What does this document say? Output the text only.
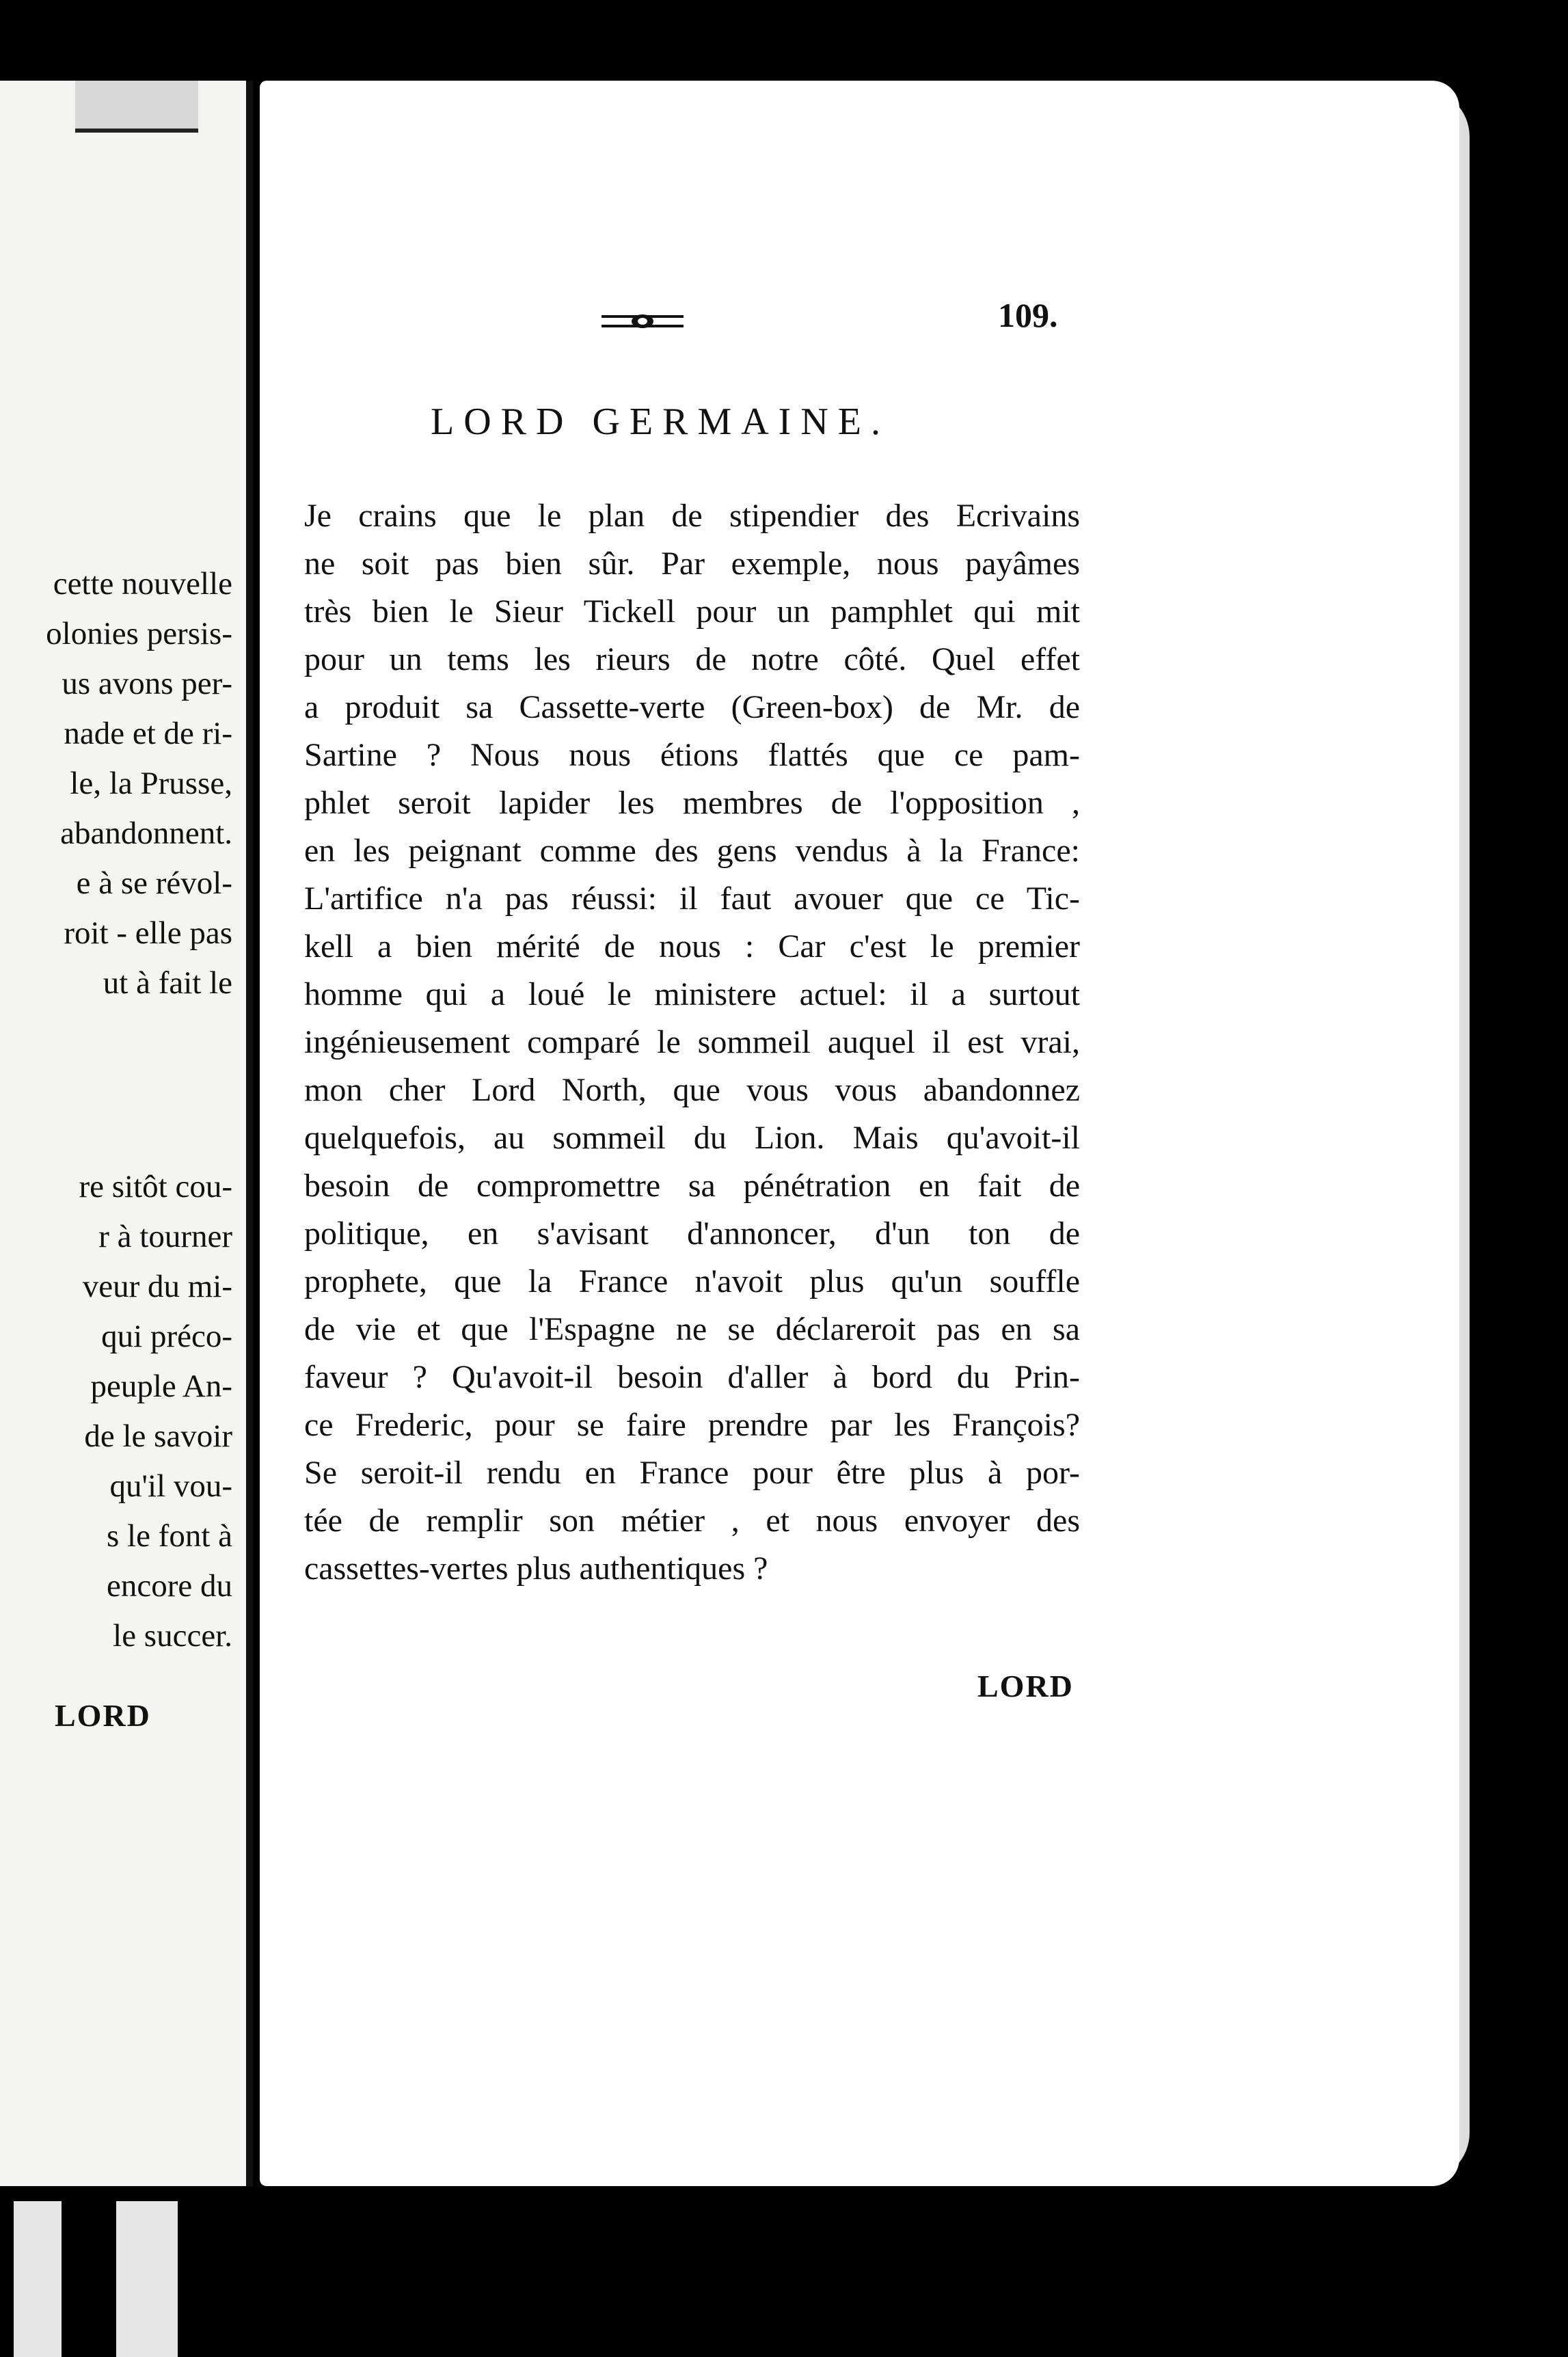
cette nouvelle
olonies persis-
us avons per-
nade et de ri-
le, la Prusse,
abandonnent.
e à se révol-
roit - elle pas
ut à fait le
re sitôt cou-
r à tourner
veur du mi-
qui préco-
peuple An-
de le savoir
qu'il vou-
s le font à
encore du
le succer.
LORD
109.
LORD GERMAINE.
Je crains que le plan de stipendier des Ecrivains
ne soit pas bien sûr. Par exemple, nous payâmes
très bien le Sieur Tickell pour un pamphlet qui mit
pour un tems les rieurs de notre côté. Quel effet
a produit sa Cassette-verte (Green-box) de Mr. de
Sartine ? Nous nous étions flattés que ce pam-
phlet seroit lapider les membres de l'opposition ,
en les peignant comme des gens vendus à la France:
L'artifice n'a pas réussi: il faut avouer que ce Tic-
kell a bien mérité de nous : Car c'est le premier
homme qui a loué le ministere actuel: il a surtout
ingénieusement comparé le sommeil auquel il est vrai,
mon cher Lord North, que vous vous abandonnez
quelquefois, au sommeil du Lion. Mais qu'avoit-il
besoin de compromettre sa pénétration en fait de
politique, en s'avisant d'annoncer, d'un ton de
prophete, que la France n'avoit plus qu'un souffle
de vie et que l'Espagne ne se déclareroit pas en sa
faveur ? Qu'avoit-il besoin d'aller à bord du Prin-
ce Frederic, pour se faire prendre par les François?
Se seroit-il rendu en France pour être plus à por-
tée de remplir son métier , et nous envoyer des
cassettes-vertes plus authentiques ?
LORD
